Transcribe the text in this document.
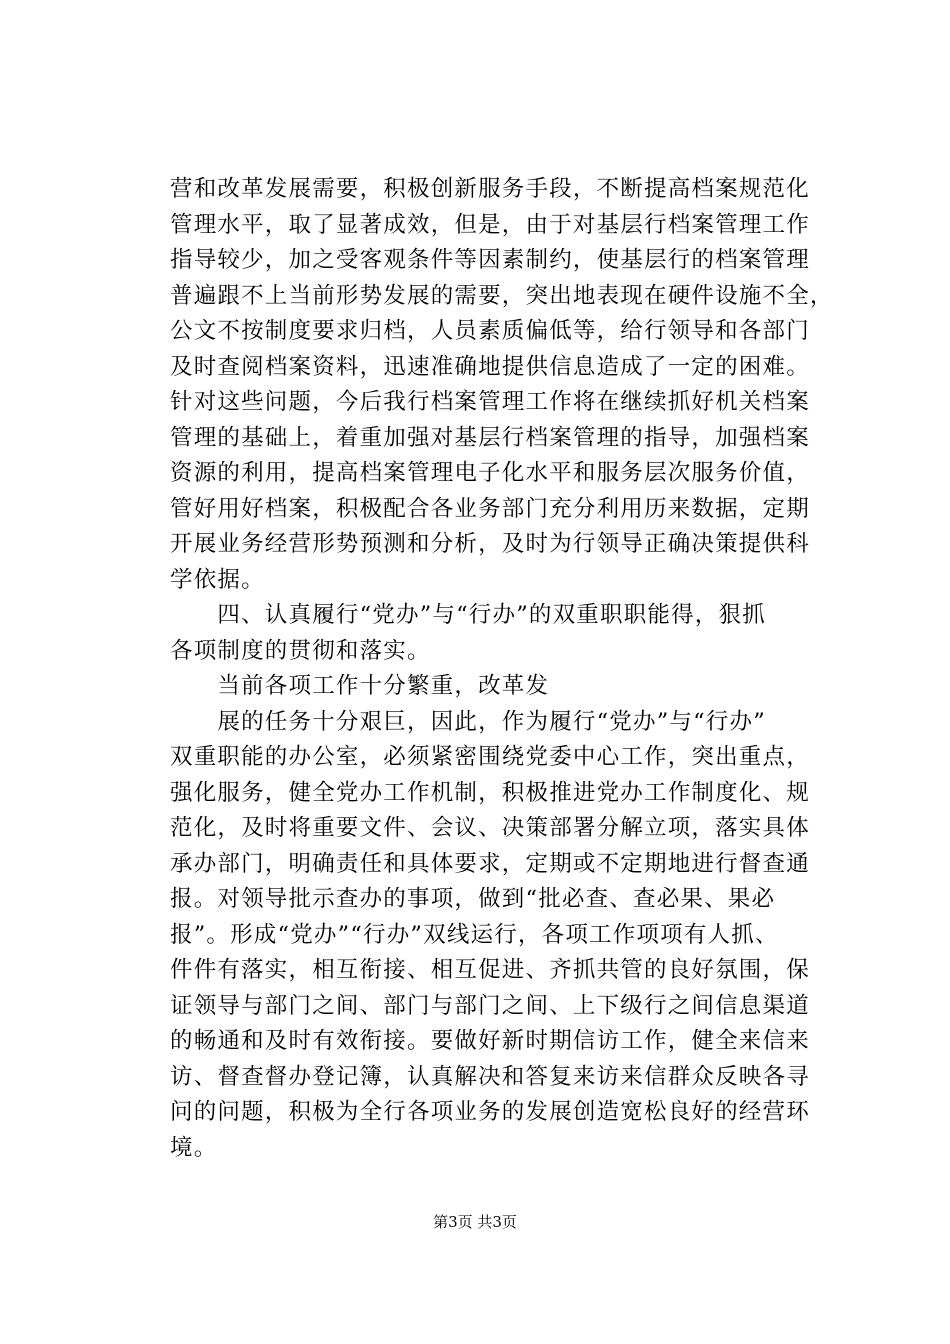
营和改革发展需要，积极创新服务手段，不断提高档案规范化
管理水平，取了显著成效，但是，由于对基层行档案管理工作
指导较少，加之受客观条件等因素制约，使基层行的档案管理
普遍跟不上当前形势发展的需要，突出地表现在硬件设施不全，
公文不按制度要求归档，人员素质偏低等，给行领导和各部门
及时查阅档案资料，迅速准确地提供信息造成了一定的困难。
针对这些问题，今后我行档案管理工作将在继续抓好机关档案
管理的基础上，着重加强对基层行档案管理的指导，加强档案
资源的利用，提高档案管理电子化水平和服务层次服务价值，
管好用好档案，积极配合各业务部门充分利用历来数据，定期
开展业务经营形势预测和分析，及时为行领导正确决策提供科
学依据。
　　四、认真履行“党办”与“行办”的双重职职能得，狠抓
各项制度的贯彻和落实。
　　当前各项工作十分繁重，改革发
　　展的任务十分艰巨，因此，作为履行“党办”与“行办”
双重职能的办公室，必须紧密围绕党委中心工作，突出重点，
强化服务，健全党办工作机制，积极推进党办工作制度化、规
范化，及时将重要文件、会议、决策部署分解立项，落实具体
承办部门，明确责任和具体要求，定期或不定期地进行督查通
报。对领导批示查办的事项，做到“批必查、查必果、果必
报”。形成“党办”“行办”双线运行，各项工作项项有人抓、
件件有落实，相互衔接、相互促进、齐抓共管的良好氛围，保
证领导与部门之间、部门与部门之间、上下级行之间信息渠道
的畅通和及时有效衔接。要做好新时期信访工作，健全来信来
访、督查督办登记簿，认真解决和答复来访来信群众反映各寻
问的问题，积极为全行各项业务的发展创造宽松良好的经营环
境。
第3页 共3页
